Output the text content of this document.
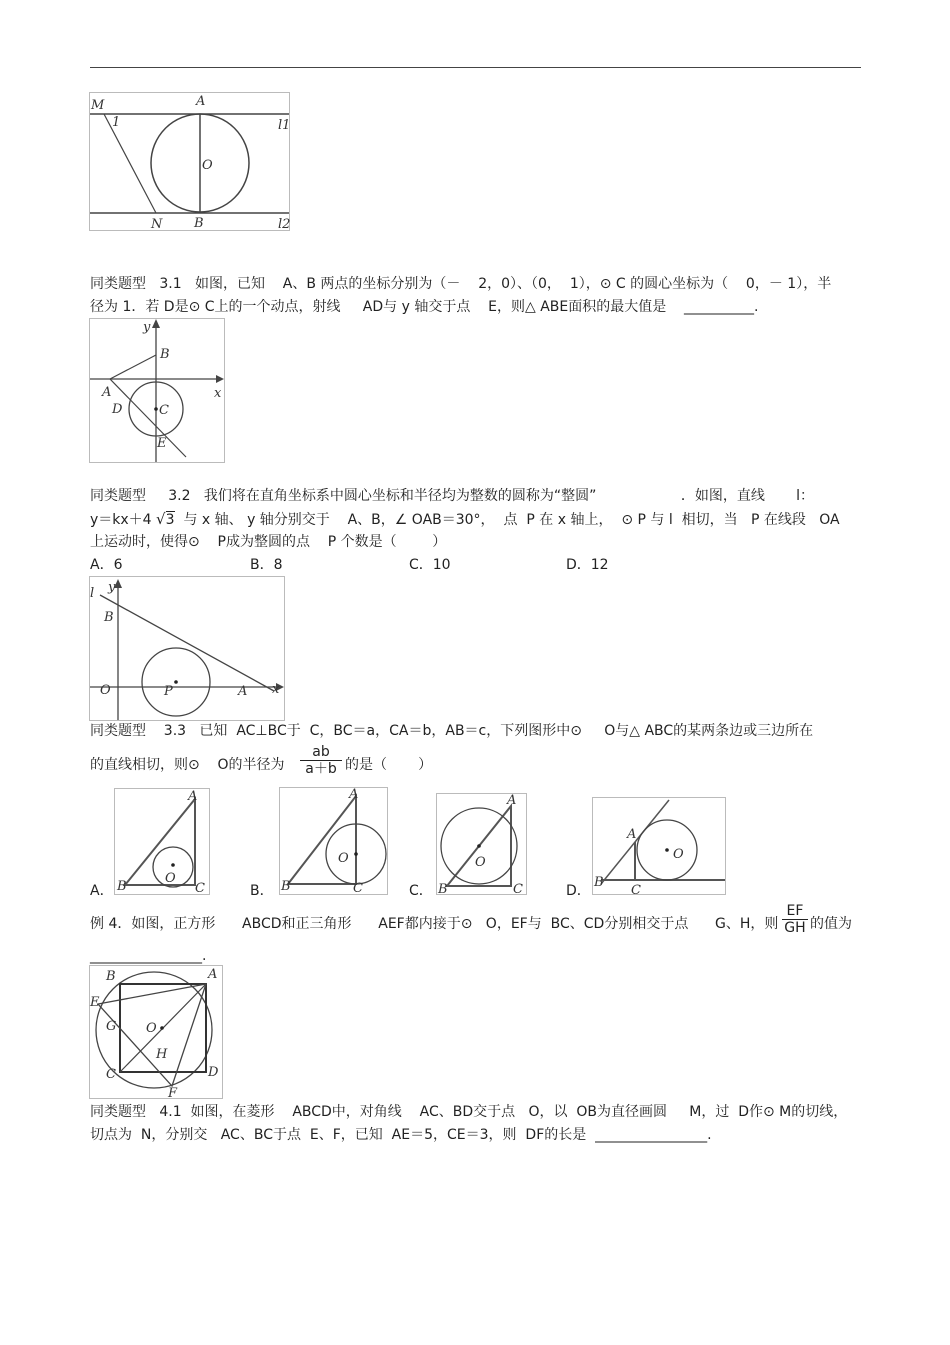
M	A
1	l1
O
N B	l2
同类题型   3.1   如图，已知    A、B 两点的坐标分别为（－    2，0）、（0，  1），⊙ C 的圆心坐标为（    0，－ 1），半
径为 1．若 D是⊙ C上的一个动点，射线     AD与 y 轴交于点    E，则△ ABE面积的最大值是    __________.
y
B
x
A
D	C
E
同类题型     3.2   我们将在直角坐标系中圆心坐标和半径均为整数的圆称为“整圆”                   ．如图，直线       l：
y＝kx＋4 √3 与 x 轴、 y 轴分别交于    A、B，∠ OAB＝30°，  点  P 在 x 轴上，  ⊙ P 与 l  相切，当   P 在线段   OA
上运动时，使得⊙    P成为整圆的点    P 个数是（        ）
A．6	B．8	C．10	D．12
y
l
B
O	P	A x
同类题型    3.3   已知  AC⊥BC于  C，BC＝a，CA＝b，AB＝c，下列图形中⊙     O与△ ABC的某两条边或三边所在
的直线相切，则⊙    O的半径为 $\frac{ab}{a+b}$ 的是（       ）
A
B	C
O
A
B	C
O
A
B	C
O
A
B
C
O
A．	B．	C．	D．
例 4．如图，正方形      ABCD和正三角形      AEF都内接于⊙   O，EF与  BC、CD分别相交于点      G、H，则 $\frac{EF}{GH}$ 的值为
________________.
B	A
E
G O
H
C
F
D
同类题型   4.1  如图，在菱形    ABCD中，对角线    AC、BD交于点   O，以  OB为直径画圆     M，过  D作⊙ M的切线，
切点为  N，分别交   AC、BC于点  E、F，已知  AE＝5，CE＝3，则  DF的长是  ________________.
